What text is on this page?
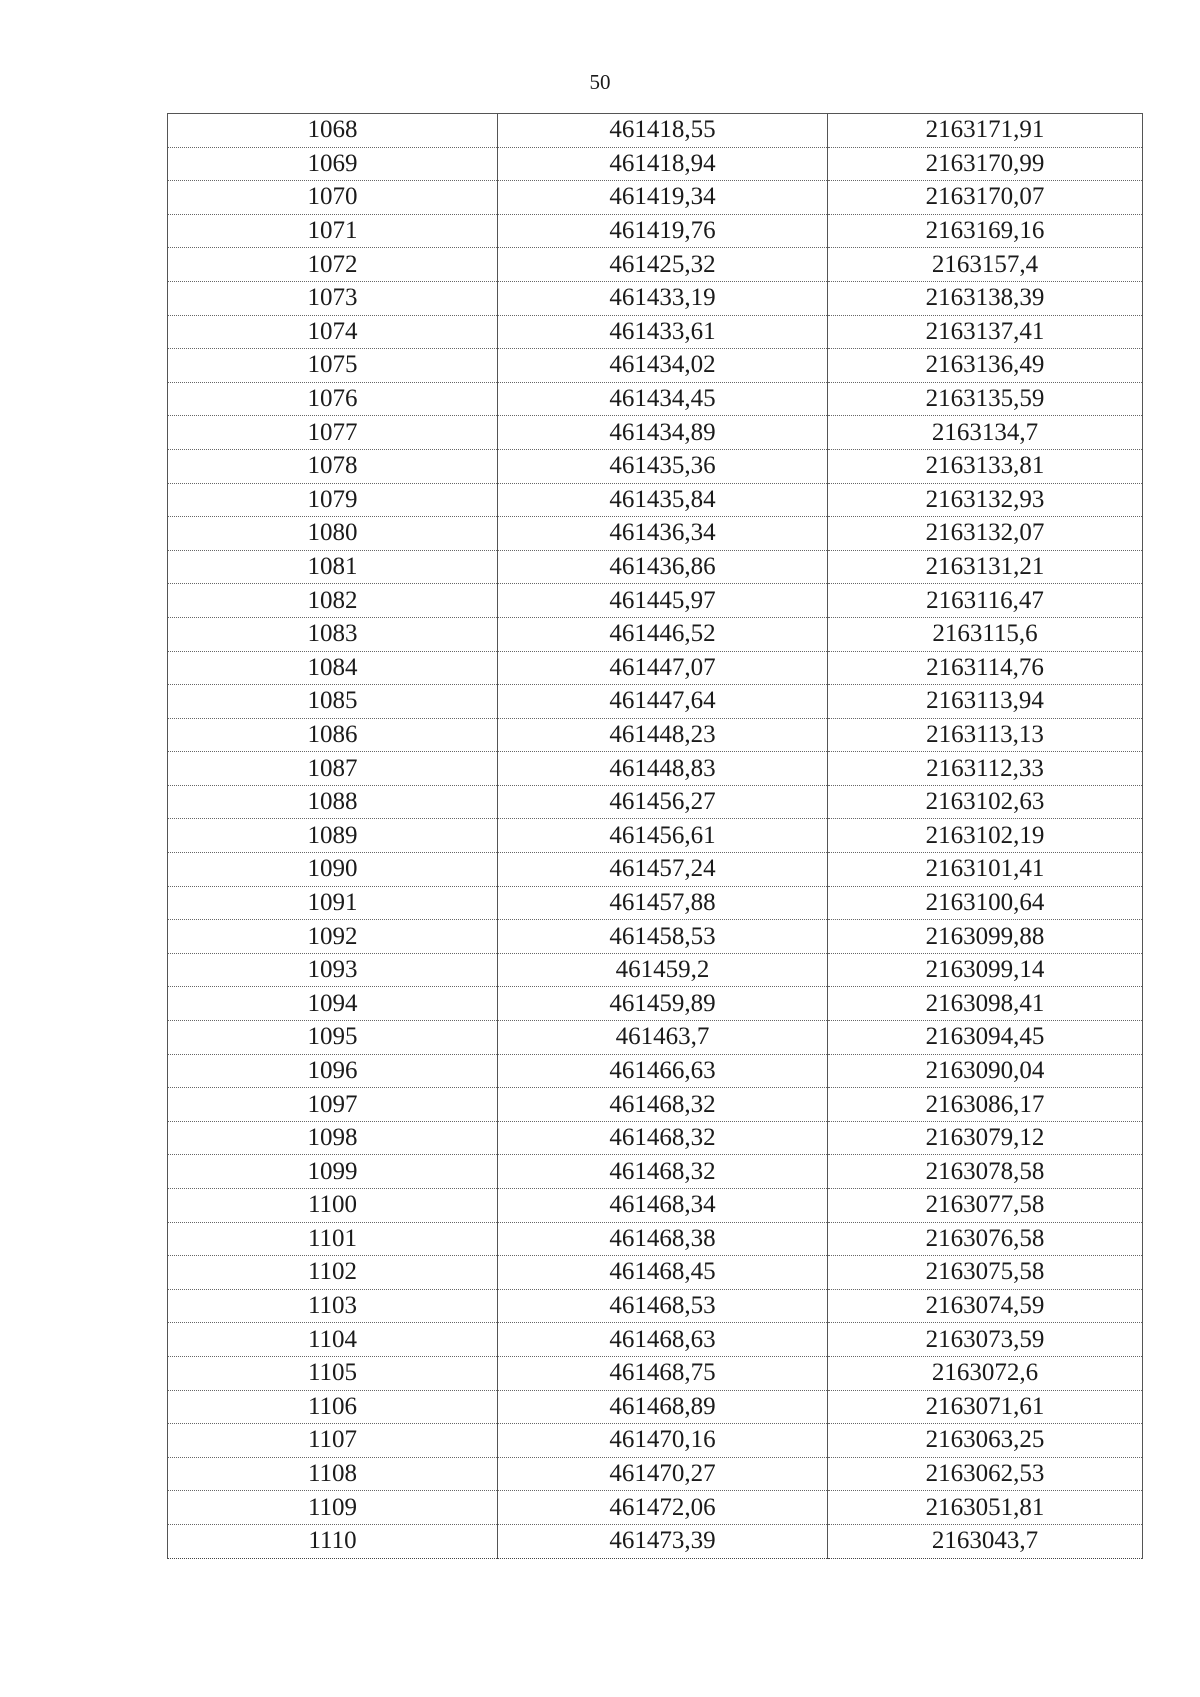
50
1068	461418,55	2163171,91
1069	461418,94	2163170,99
1070	461419,34	2163170,07
1071	461419,76	2163169,16
1072	461425,32	2163157,4
1073	461433,19	2163138,39
1074	461433,61	2163137,41
1075	461434,02	2163136,49
1076	461434,45	2163135,59
1077	461434,89	2163134,7
1078	461435,36	2163133,81
1079	461435,84	2163132,93
1080	461436,34	2163132,07
1081	461436,86	2163131,21
1082	461445,97	2163116,47
1083	461446,52	2163115,6
1084	461447,07	2163114,76
1085	461447,64	2163113,94
1086	461448,23	2163113,13
1087	461448,83	2163112,33
1088	461456,27	2163102,63
1089	461456,61	2163102,19
1090	461457,24	2163101,41
1091	461457,88	2163100,64
1092	461458,53	2163099,88
1093	461459,2	2163099,14
1094	461459,89	2163098,41
1095	461463,7	2163094,45
1096	461466,63	2163090,04
1097	461468,32	2163086,17
1098	461468,32	2163079,12
1099	461468,32	2163078,58
1100	461468,34	2163077,58
1101	461468,38	2163076,58
1102	461468,45	2163075,58
1103	461468,53	2163074,59
1104	461468,63	2163073,59
1105	461468,75	2163072,6
1106	461468,89	2163071,61
1107	461470,16	2163063,25
1108	461470,27	2163062,53
1109	461472,06	2163051,81
1110	461473,39	2163043,7
